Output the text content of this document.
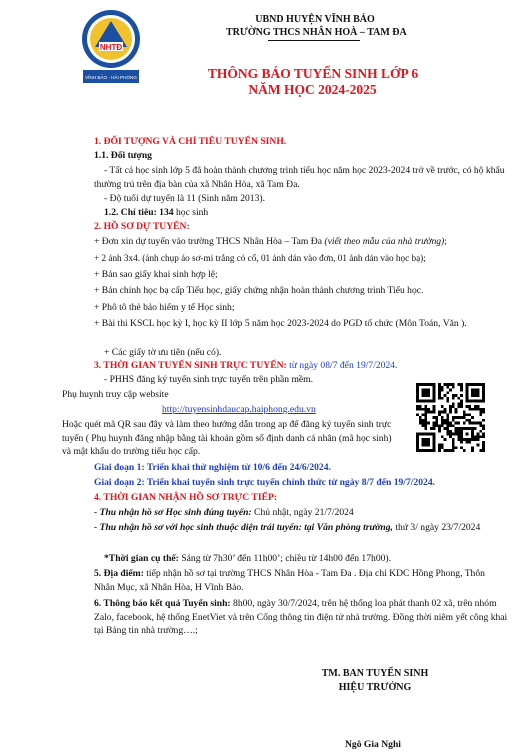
NHTĐ
VĨNH BẢO - HẢI PHÒNG
UBND HUYỆN VĨNH BẢO
TRƯỜNG THCS NHÂN HOÀ – TAM ĐA
THÔNG BÁO TUYỂN SINH LỚP 6
NĂM HỌC 2024-2025
1. ĐỐI TƯỢNG VÀ CHỈ TIÊU TUYỂN SINH.
1.1. Đối tượng
- Tất cả học sinh lớp 5 đã hoàn thành chương trình tiểu học năm học 2023-2024 trở về trước, có hộ khẩu thường trú trên địa bàn của xã Nhân Hòa, xã Tam Đa.
- Độ tuổi dự tuyển là 11 (Sinh năm 2013).
1.2. Chỉ tiêu: 134 học sinh
2. HỒ SƠ DỰ TUYỂN:
+ Đơn xin dự tuyển vào trường THCS Nhân Hòa – Tam Đa (viết theo mẫu của nhà trường);
+ 2 ảnh 3x4. (ảnh chụp áo sơ-mi trắng có cổ, 01 ảnh dán vào đơn, 01 ảnh dán vào học bạ);
+ Bản sao giấy khai sinh hợp lệ;
+ Bản chính học bạ cấp Tiểu học, giấy chứng nhận hoàn thành chương trình Tiểu học.
+ Phô tô thẻ bảo hiểm y tế Học sinh;
+ Bài thi KSCL học kỳ I, học kỳ II lớp 5 năm học 2023-2024 do PGD tổ chức (Môn Toán, Văn ).
+ Các giấy tờ ưu tiên (nếu có).
3. THỜI GIAN TUYỂN SINH TRỰC TUYẾN: từ ngày 08/7 đến 19/7/2024.
- PHHS đăng ký tuyển sinh trực tuyến trên phần mềm.
Phụ huynh truy cập website
http://tuyensinhdaucap.haiphong.edu.vn
Hoặc quét mã QR sau đây và làm theo hướng dẫn trong ap để đăng ký tuyển sinh trực tuyến ( Phụ huynh đăng nhập bằng tài khoản gồm số định danh cá nhân (mã học sinh) và mật khẩu do trường tiểu học cấp.
Giai đoạn 1: Triển khai thử nghiệm từ 10/6 đến 24/6/2024.
Giai đoạn 2: Triển khai tuyển sinh trực tuyến chính thức từ ngày 8/7 đến 19/7/2024.
4. THỜI GIAN NHẬN HỒ SƠ TRỰC TIẾP:
- Thu nhận hồ sơ Học sinh đúng tuyến: Chủ nhật, ngày 21/7/2024
- Thu nhận hồ sơ với học sinh thuộc diện trái tuyến: tại Văn phòng trường, thứ 3/ ngày 23/7/2024
*Thời gian cụ thể: Sáng từ 7h30’ đến 11h00’; chiều từ 14h00 đến 17h00).
5. Địa điểm: tiếp nhận hồ sơ tại trường THCS Nhân Hòa - Tam Đa . Địa chỉ KDC Hồng Phong, Thôn Nhân Mục, xã Nhân Hòa, H Vĩnh Bảo.
6. Thông báo kết quả Tuyển sinh: 8h00, ngày 30/7/2024, trên hệ thống loa phát thanh 02 xã, trên nhóm Zalo, facebook, hệ thống EnetViet và trên Cổng thông tin điện tử nhà trường. Đồng thời niêm yết công khai tại Bảng tin nhà trường….;
TM. BAN TUYỂN SINH
HIỆU TRƯỞNG
Ngô Gia Nghi
